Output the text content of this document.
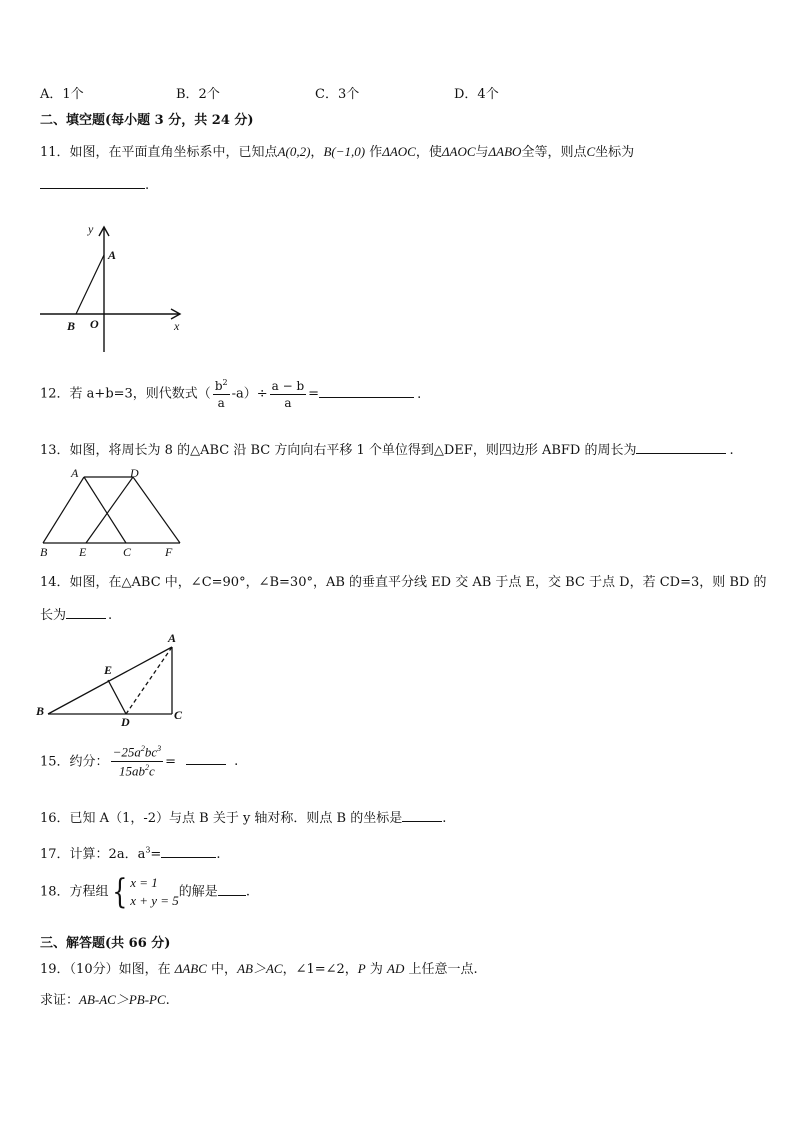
A．1个	B．2个	C．3个	D．4个
二、填空题(每小题 3 分，共 24 分)
11．如图，在平面直角坐标系中，已知点A(0,2)，B(−1,0) 作ΔAOC，使ΔAOC与ΔABO全等，则点C坐标为
.
y
x
A
B O
12．若 a+b=3，则代数式（ $\frac{b^2}{a} -a)\div \frac{a - b}{a}$ =	.
13．如图，将周长为 8 的△ABC 沿 BC 方向向右平移 1 个单位得到△DEF，则四边形 ABFD 的周长为	.
A	D
B	E	C	F
14．如图，在△ABC 中，∠C=90°，∠B=30°，AB 的垂直平分线 ED 交 AB 于点 E，交 BC 于点 D，若 CD=3，则 BD 的
长为	.
A
E
B
D	C
15．约分： $\frac{-25a^2bc^3}{15ab^2c}$ =	.
16．已知 A（1，-2）与点 B 关于 y 轴对称．则点 B 的坐标是	.
17．计算：2a．$a^3=$	.
18．方程组{ x = 1
x + y = 5
的解是 .
三、解答题(共 66 分)
19．（10分）如图，在 ΔABC 中，AB＞AC，∠1=∠2，P 为 AD 上任意一点.
求证：AB-AC＞PB-PC.
